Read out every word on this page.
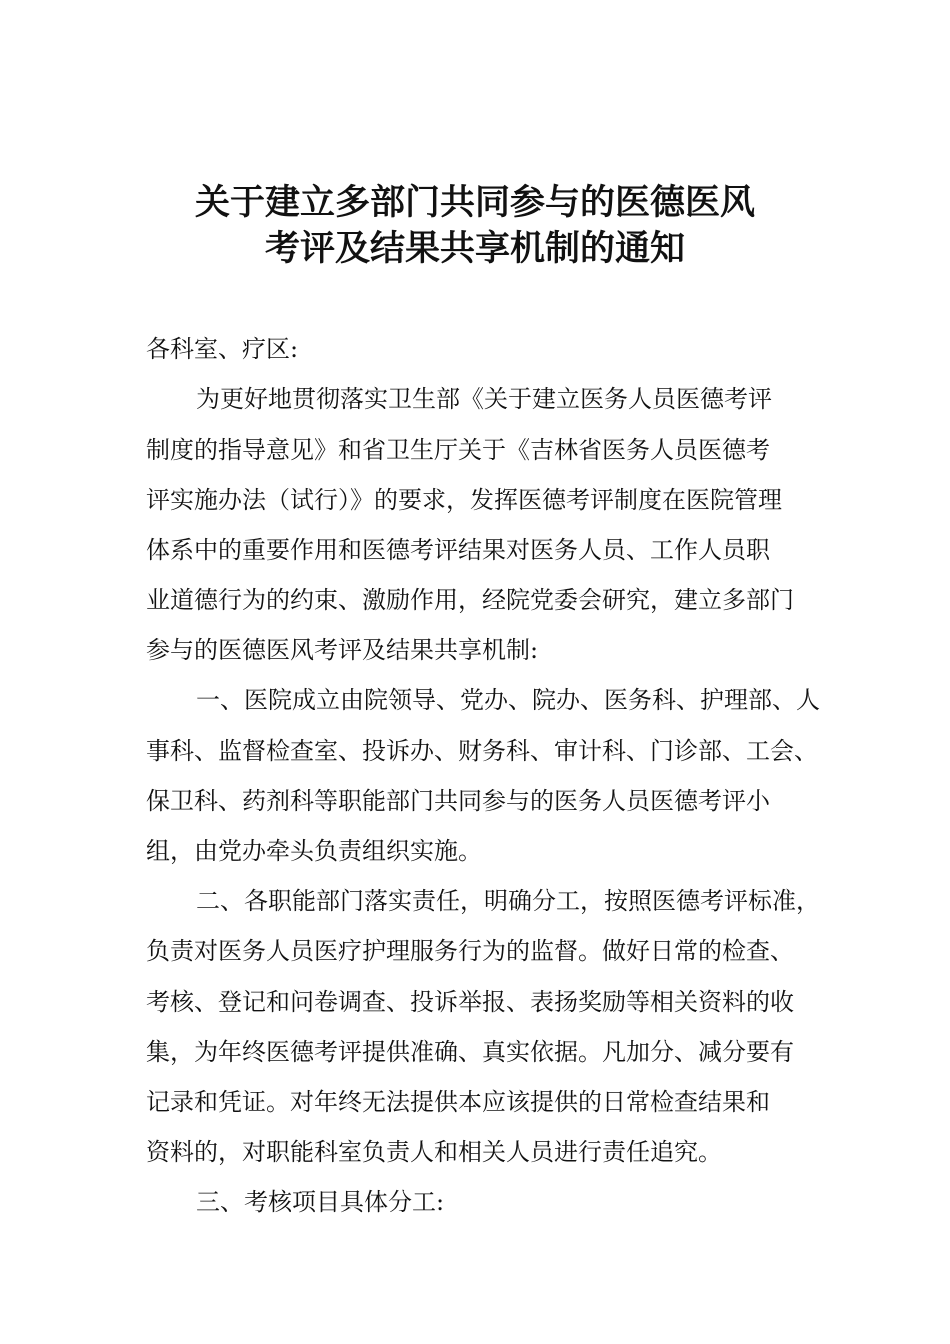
关于建立多部门共同参与的医德医风
考评及结果共享机制的通知
各科室、疗区:
为更好地贯彻落实卫生部《关于建立医务人员医德考评
制度的指导意见》和省卫生厅关于《吉林省医务人员医德考
评实施办法（试行）》的要求，发挥医德考评制度在医院管理
体系中的重要作用和医德考评结果对医务人员、工作人员职
业道德行为的约束、激励作用，经院党委会研究，建立多部门
参与的医德医风考评及结果共享机制:
一、医院成立由院领导、党办、院办、医务科、护理部、人
事科、监督检查室、投诉办、财务科、审计科、门诊部、工会、
保卫科、药剂科等职能部门共同参与的医务人员医德考评小
组，由党办牵头负责组织实施。
二、各职能部门落实责任，明确分工，按照医德考评标准，
负责对医务人员医疗护理服务行为的监督。做好日常的检查、
考核、登记和问卷调查、投诉举报、表扬奖励等相关资料的收
集，为年终医德考评提供准确、真实依据。凡加分、减分要有
记录和凭证。对年终无法提供本应该提供的日常检查结果和
资料的，对职能科室负责人和相关人员进行责任追究。
三、考核项目具体分工:
